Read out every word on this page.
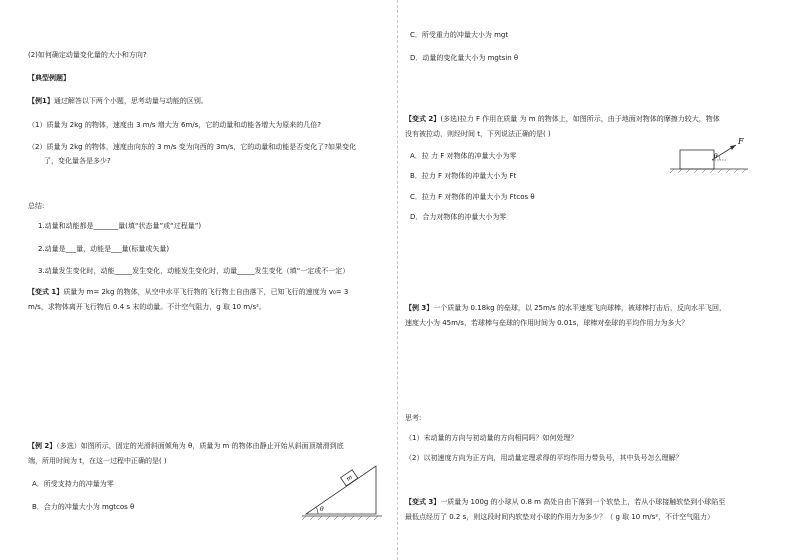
(2)如何确定动量变化量的大小和方向?
【典型例题】
【例1】通过解答以下两个小题，思考动量与动能的区别。
（1）质量为 2kg 的物体，速度由 3 m/s 增大为 6m/s，它的动量和动能各增大为原来的几倍?
（2）质量为 2kg 的物体，速度由向东的 3 m/s 变为向西的 3m/s，它的动量和动能是否变化了?如果变化
了，变化量各是多少?
总结:
1.动量和动能都是_______量(填“状态量”或“过程量”)
2.动量是___量，动能是___量(标量或矢量)
3.动量发生变化时，动能_____发生变化，动能发生变化时，动量_____发生变化（填“一定或不一定）
【变式 1】质量为 m= 2kg 的物体，从空中水平飞行物的飞行物上自由落下，已知飞行的速度为 v₀= 3
m/s，求物体离开飞行物后 0.4 s 末的动量。不计空气阻力，g 取 10 m/s²。
【例 2】（多选）如图所示，固定的光滑斜面倾角为 θ，质量为 m 的物体由静止开始从斜面顶端滑到底
端，所用时间为 t，在这一过程中正确的是( )
A．所受支持力的冲量为零
B．合力的冲量大小为 mgtcos θ
m
θ
C．所受重力的冲量大小为 mgt
D．动量的变化量大小为 mgtsin θ
【变式 2】(多选)拉力 F 作用在质量 为 m 的物体上，如图所示，由于地面对物体的摩擦力较大，物体
没有被拉动，则经时间 t，下列说法正确的是( )
A．拉 力 F 对物体的冲量大小为零
B．拉力 F 对物体的冲量大小为 Ft
C．拉力 F 对物体的冲量大小为 Ftcos θ
D．合力对物体的冲量大小为零
θ
F
【例 3】一个质量为 0.18kg 的垒球，以 25m/s 的水平速度飞向球棒，被球棒打击后，反向水平飞回，
速度大小为 45m/s，若球棒与垒球的作用时间为 0.01s，球棒对垒球的平均作用力为多大？
思考:
（1）末动量的方向与初动量的方向相同吗？如何处理？
（2）以初速度方向为正方向，用动量定理求得的平均作用力带负号，其中负号怎么理解？
【变式 3】一质量为 100g 的小球从 0.8 m 高处自由下落到一个软垫上，若从小球接触软垫到小球陷至
最低点经历了 0.2 s，则这段时间内软垫对小球的作用力为多少？（ g 取 10 m/s²，不计空气阻力）
